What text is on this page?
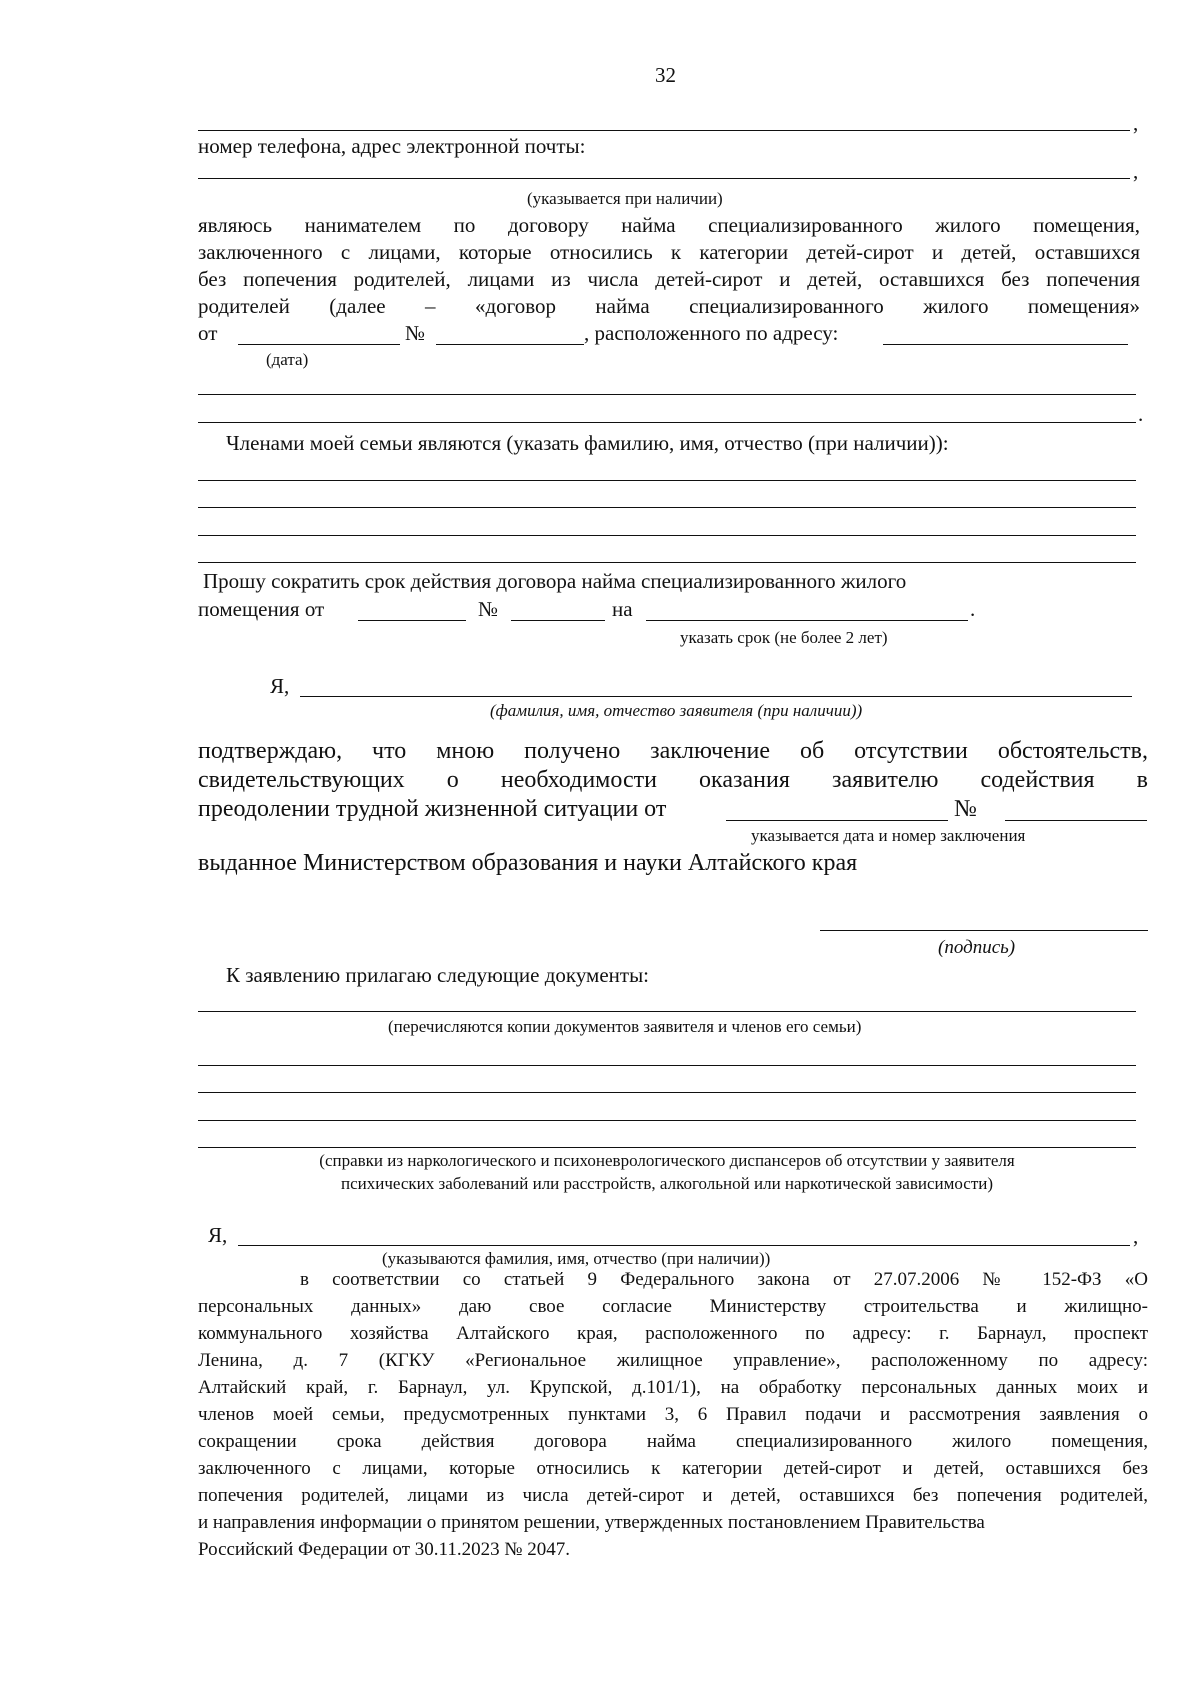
32
,
номер телефона, адрес электронной почты:
,
(указывается при наличии)
являюсь нанимателем по договору найма специализированного жилого помещения,
заключенного с лицами, которые относились к категории детей-сирот и детей, оставшихся
без попечения родителей, лицами из числа детей-сирот и детей, оставшихся без попечения
родителей (далее – «договор найма специализированного жилого помещения»
от	№	, расположенного по адресу:
(дата)
.
Членами моей семьи являются (указать фамилию, имя, отчество (при наличии)):
Прошу сократить срок действия договора найма специализированного жилого
помещения от	№	на	.
указать срок (не более 2 лет)
Я,
(фамилия, имя, отчество заявителя (при наличии))
подтверждаю, что мною получено заключение об отсутствии обстоятельств,
свидетельствующих о необходимости оказания заявителю содействия в
преодолении трудной жизненной ситуации от	№
указывается дата и номер заключения
выданное Министерством образования и науки Алтайского края
(подпись)
К заявлению прилагаю следующие документы:
(перечисляются копии документов заявителя и членов его семьи)
(справки из наркологического и психоневрологического диспансеров об отсутствии у заявителя
психических заболеваний или расстройств, алкогольной или наркотической зависимости)
Я,	,
(указываются фамилия, имя, отчество (при наличии))
в соответствии со статьей 9 Федерального закона от 27.07.2006 № 152-ФЗ «О
персональных данных» даю свое согласие Министерству строительства и жилищно-
коммунального хозяйства Алтайского края, расположенного по адресу: г. Барнаул, проспект
Ленина, д. 7 (КГКУ «Региональное жилищное управление», расположенному по адресу:
Алтайский край, г. Барнаул, ул. Крупской, д.101/1), на обработку персональных данных моих и
членов моей семьи, предусмотренных пунктами 3, 6 Правил подачи и рассмотрения заявления о
сокращении срока действия договора найма специализированного жилого помещения,
заключенного с лицами, которые относились к категории детей-сирот и детей, оставшихся без
попечения родителей, лицами из числа детей-сирот и детей, оставшихся без попечения родителей,
и направления информации о принятом решении, утвержденных постановлением Правительства
Российский Федерации от 30.11.2023 № 2047.
